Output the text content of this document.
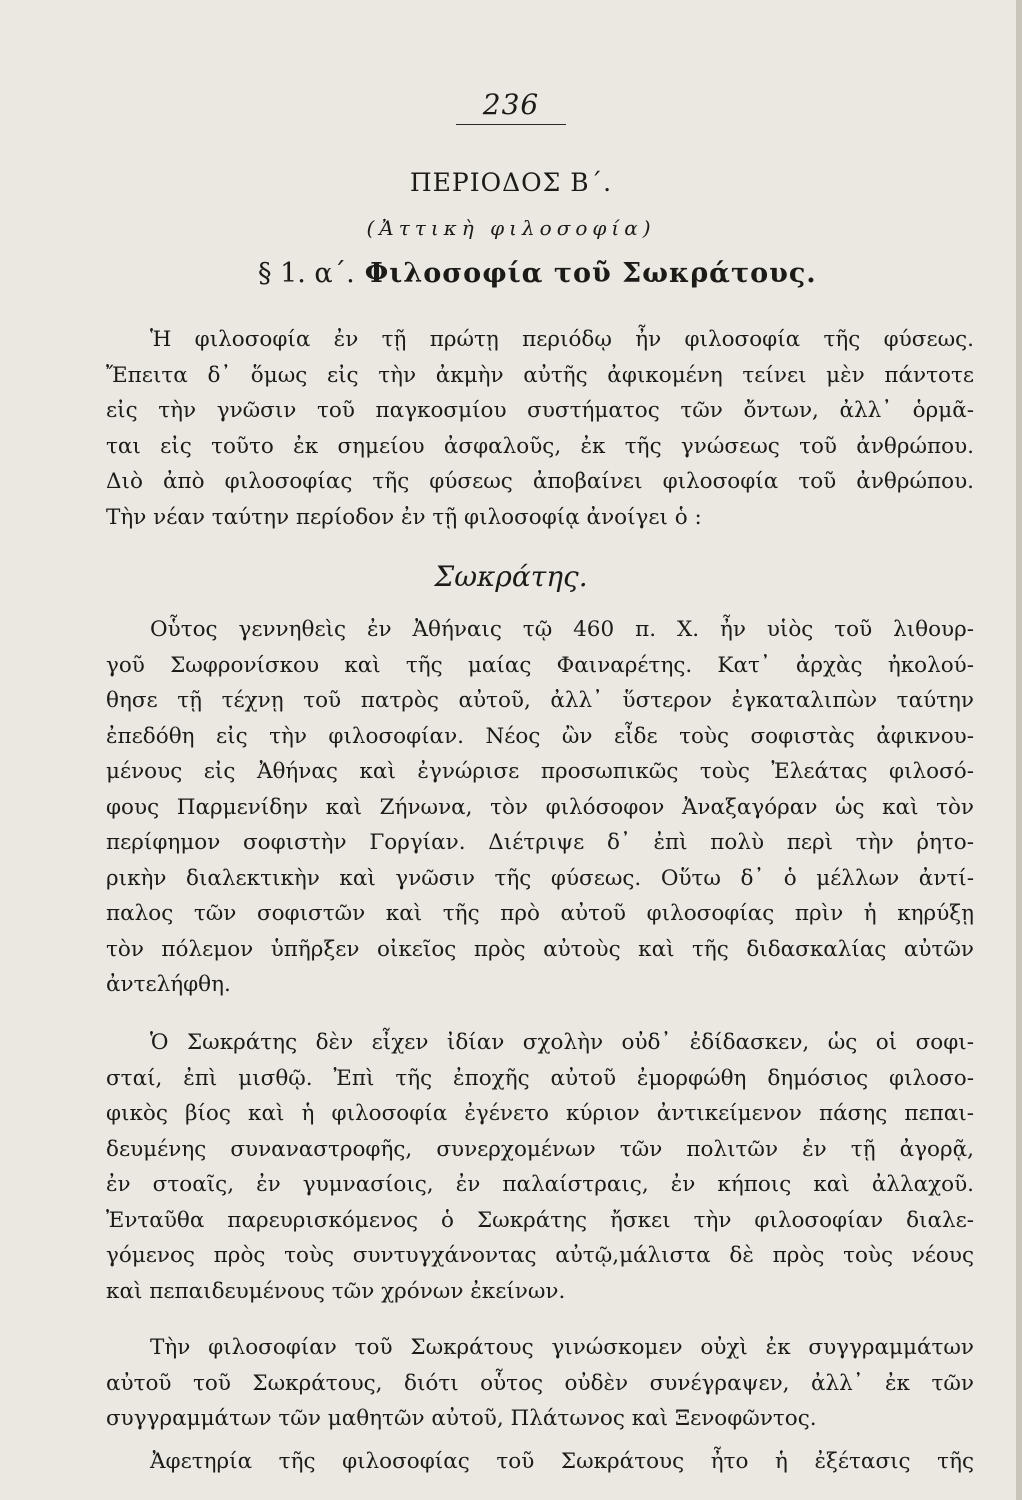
236
ΠΕΡΙΟΔΟΣ Β΄.
(Ἀττικὴ φιλοσοφία)
§ 1. α΄. Φιλοσοφία τοῦ Σωκράτους.
Ἡ φιλοσοφία ἐν τῇ πρώτῃ περιόδῳ ἦν φιλοσοφία τῆς φύσεως.
Ἔπειτα δ᾽ ὅμως εἰς τὴν ἀκμὴν αὐτῆς ἀφικομένη τείνει μὲν πάντοτε
εἰς τὴν γνῶσιν τοῦ παγκοσμίου συστήματος τῶν ὄντων, ἀλλ᾽ ὁρμᾶ-
ται εἰς τοῦτο ἐκ σημείου ἀσφαλοῦς, ἐκ τῆς γνώσεως τοῦ ἀνθρώπου.
Διὸ ἀπὸ φιλοσοφίας τῆς φύσεως ἀποβαίνει φιλοσοφία τοῦ ἀνθρώπου.
Τὴν νέαν ταύτην περίοδον ἐν τῇ φιλοσοφίᾳ ἀνοίγει ὁ :
Σωκράτης.
Οὗτος γεννηθεὶς ἐν Ἀθήναις τῷ 460 π. Χ. ἦν υἱὸς τοῦ λιθουρ-
γοῦ Σωφρονίσκου καὶ τῆς μαίας Φαιναρέτης. Κατ᾽ ἀρχὰς ἠκολού-
θησε τῇ τέχνῃ τοῦ πατρὸς αὐτοῦ, ἀλλ᾽ ὕστερον ἐγκαταλιπὼν ταύτην
ἐπεδόθη εἰς τὴν φιλοσοφίαν. Νέος ὢν εἶδε τοὺς σοφιστὰς ἀφικνου-
μένους εἰς Ἀθήνας καὶ ἐγνώρισε προσωπικῶς τοὺς Ἐλεάτας φιλοσό-
φους Παρμενίδην καὶ Ζήνωνα, τὸν φιλόσοφον Ἀναξαγόραν ὡς καὶ τὸν
περίφημον σοφιστὴν Γοργίαν. Διέτριψε δ᾽ ἐπὶ πολὺ περὶ τὴν ῥητο-
ρικὴν διαλεκτικὴν καὶ γνῶσιν τῆς φύσεως. Οὕτω δ᾽ ὁ μέλλων ἀντί-
παλος τῶν σοφιστῶν καὶ τῆς πρὸ αὐτοῦ φιλοσοφίας πρὶν ἡ κηρύξῃ
τὸν πόλεμον ὑπῆρξεν οἰκεῖος πρὸς αὐτοὺς καὶ τῆς διδασκαλίας αὐτῶν
ἀντελήφθη.
Ὁ Σωκράτης δὲν εἶχεν ἰδίαν σχολὴν οὐδ᾽ ἐδίδασκεν, ὡς οἱ σοφι-
σταί, ἐπὶ μισθῷ. Ἐπὶ τῆς ἐποχῆς αὐτοῦ ἐμορφώθη δημόσιος φιλοσο-
φικὸς βίος καὶ ἡ φιλοσοφία ἐγένετο κύριον ἀντικείμενον πάσης πεπαι-
δευμένης συναναστροφῆς, συνερχομένων τῶν πολιτῶν ἐν τῇ ἀγορᾷ,
ἐν στοαῖς, ἐν γυμνασίοις, ἐν παλαίστραις, ἐν κήποις καὶ ἀλλαχοῦ.
Ἐνταῦθα παρευρισκόμενος ὁ Σωκράτης ἤσκει τὴν φιλοσοφίαν διαλε-
γόμενος πρὸς τοὺς συντυγχάνοντας αὐτῷ,μάλιστα δὲ πρὸς τοὺς νέους
καὶ πεπαιδευμένους τῶν χρόνων ἐκείνων.
Τὴν φιλοσοφίαν τοῦ Σωκράτους γινώσκομεν οὐχὶ ἐκ συγγραμμάτων
αὐτοῦ τοῦ Σωκράτους, διότι οὗτος οὐδὲν συνέγραψεν, ἀλλ᾽ ἐκ τῶν
συγγραμμάτων τῶν μαθητῶν αὐτοῦ, Πλάτωνος καὶ Ξενοφῶντος.
Ἀφετηρία τῆς φιλοσοφίας τοῦ Σωκράτους ἦτο ἡ ἐξέτασις τῆς
